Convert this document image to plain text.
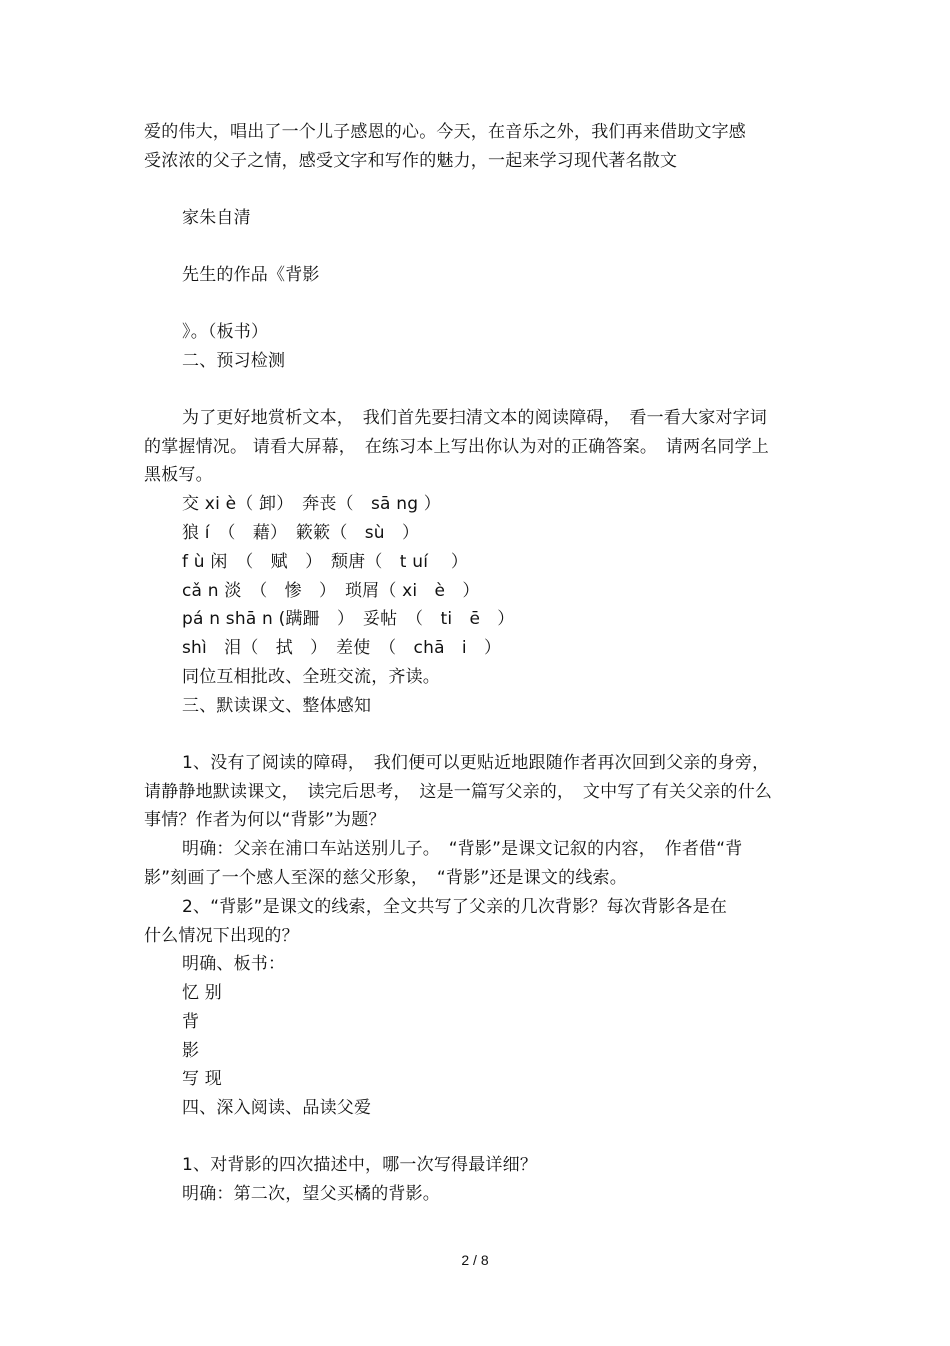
爱的伟大，唱出了一个儿子感恩的心。今天，在音乐之外，我们再来借助文字感
受浓浓的父子之情，感受文字和写作的魅力，一起来学习现代著名散文
家朱自清
先生的作品《背影
》。（板书）
二、预习检测
为了更好地赏析文本，　我们首先要扫清文本的阅读障碍，　看一看大家对字词
的掌握情况。 请看大屏幕，　在练习本上写出你认为对的正确答案。　请两名同学上
黑板写。
交 xi è（ 卸）　奔丧（　sā ng ）
狼 í　（　藉）　簌簌（　sù　）
f ù 闲　（　赋　）　颓唐（　t uí　 ）
cǎ n 淡　（　惨　）　琐屑（ xi　è　）
pá n shā n (蹒跚　）　妥帖　（　ti　ē　）
shì　泪（　拭　）　差使　（　chā　i　）
同位互相批改、全班交流，齐读。
三、默读课文、整体感知
1、没有了阅读的障碍，　我们便可以更贴近地跟随作者再次回到父亲的身旁，
请静静地默读课文，　读完后思考，　这是一篇写父亲的，　文中写了有关父亲的什么
事情？作者为何以“背影”为题？
明确：父亲在浦口车站送别儿子。　“背影”是课文记叙的内容，　作者借“背
影”刻画了一个感人至深的慈父形象，　“背影”还是课文的线索。
2、“背影”是课文的线索，全文共写了父亲的几次背影？每次背影各是在
什么情况下出现的？
明确、板书：
忆 别
背
影
写 现
四、深入阅读、品读父爱
1、对背影的四次描述中，哪一次写得最详细？
明确：第二次，望父买橘的背影。
2 / 8
